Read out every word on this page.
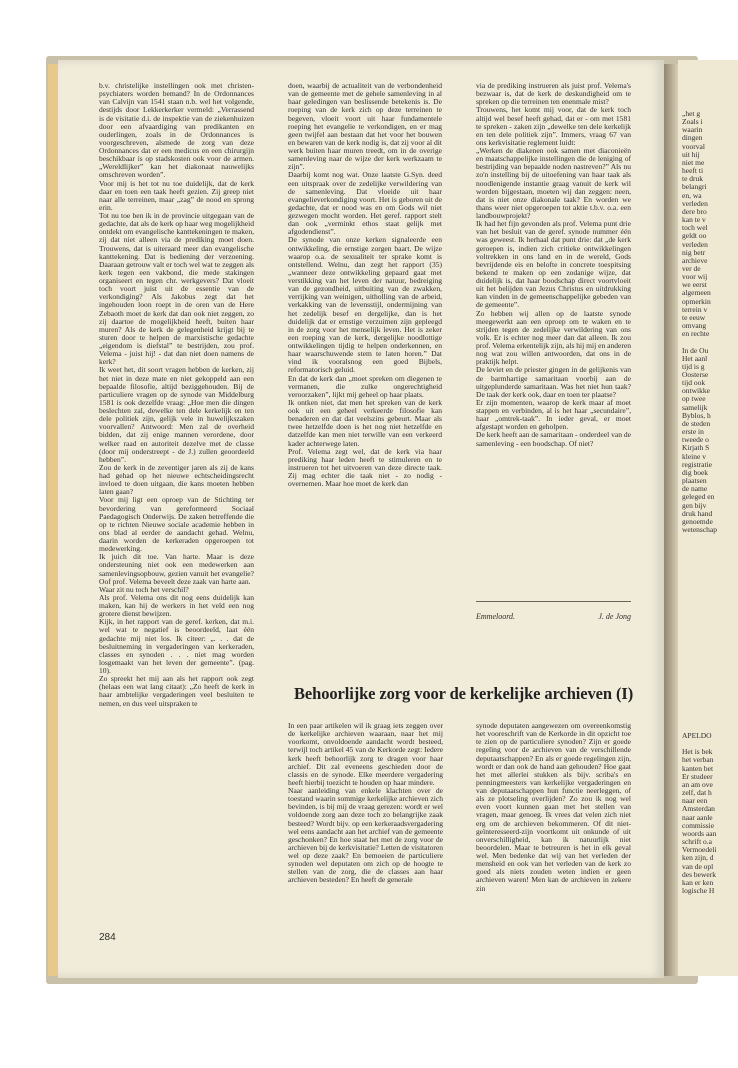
b.v. christelijke instellingen ook met christen-psychiaters worden bemand? In de Ordonnances van Calvijn van 1541 staan n.b. wel het volgende, destijds door Lekkerkerker vermeld: „Verrassend is de visitatie d.i. de inspektie van de ziekenhuizen door een afvaardiging van predikanten en ouderlingen, zoals in de Ordonnances is voorgeschreven, alsmede de zorg van deze Ordonnances dat er een medicus en een chirurgijn beschikbaar is op stadskosten ook voor de armen. „Wereldlijker” kan het diakonaat nauwelijks omschreven worden”.

Voor mij is het tot nu toe duidelijk, dat de kerk daar en toen een taak heeft gezien. Zij greep niet naar alle terreinen, maar „zag” de nood en sprong erin.

Tot nu toe ben ik in de provincie uitgegaan van de gedachte, dat als de kerk op haar weg mogelijkheid ontdekt om evangelische kanttekeningen te maken, zij dat niet alleen via de prediking moet doen. Trouwens, dat is uiteraard meer dan evangelische kanttekening. Dat is bediening der verzoening. Daaraan getrouw valt er toch wel wat te zeggen als kerk tegen een vakbond, die mede stakingen organiseert en tegen chr. werkgevers? Dat vloeit toch voort juist uit de essentie van de verkondiging? Als Jakobus zegt dat het ingehouden loon roept in de oren van de Here Zebaoth moet de kerk dat dan ook niet zeggen, zo zij daartoe de mogelijkheid heeft, buiten haar muren? Als de kerk de gelegenheid krijgt bij te sturen door te helpen de marxistische gedachte „eigendom is diefstal” te bestrijden, zou prof. Velema - juist hij! - dat dan niet doen namens de kerk?

Ik weet het, dit soort vragen hebben de kerken, zij het niet in deze mate en niet gekoppeld aan een bepaalde filosofie, altijd beziggehouden. Bij de particuliere vragen op de synode van Middelburg 1581 is ook dezelfde vraag: „Hoe men die dingen beslechten zal, dewelke ten dele kerkelijk en ten dele politiek zijn, gelijk vele in huwelijkszaken voorvallen? Antwoord: Men zal de overheid bidden, dat zij enige mannen verordene, door welker raad en autoriteit dezelve met de classe (door mij onderstreept - de J.) zullen geoordeeld hebben”.

Zou de kerk in de zeventiger jaren als zij de kans had gehad op het nieuwe echtscheidingsrecht invloed te doen uitgaan, die kans moeten hebben laten gaan?

Voor mij ligt een oproep van de Stichting ter bevordering van gereformeerd Sociaal Paedagogisch Onderwijs. De zaken betreffende die op te richten Nieuwe sociale academie hebben in ons blad al eerder de aandacht gehad. Welnu, daarin worden de kerkeraden opgeroepen tot medewerking.

Ik juich dit toe. Van harte. Maar is deze ondersteuning niet ook een medewerken aan samenlevingsopbouw, gezien vanuit het evangelie? Oof prof. Velema beveelt deze zaak van harte aan.

Waar zit nu toch het verschil?

Als prof. Velema ons dit nog eens duidelijk kan maken, kan hij de werkers in het veld een nog grotere dienst bewijzen.

Kijk, in het rapport van de geref. kerken, dat m.i. wel wat te negatief is beoordeeld, laat één gedachte mij niet los. Ik citeer: „. . . dat de besluitneming in vergaderingen van kerkeraden, classes en synoden . . . niet mag worden losgemaakt van het leven der gemeente”. (pag. 10).

Zo spreekt het mij aan als het rapport ook zegt (helaas een wat lang citaat): „Zo heeft de kerk in haar ambtelijke vergaderingen veel besluiten te nemen, en dus veel uitspraken te

doen, waarbij de actualiteit van de verbondenheid van de gemeente met de gehele samenleving in al haar geledingen van beslissende betekenis is. De roeping van de kerk zich op deze terreinen te begeven, vloeit voort uit haar fundamentele roeping het evangelie te verkondigen, en er mag geen twijfel aan bestaan dat het voor het bouwen en bewaren van de kerk nodig is, dat zij voor al dit werk buiten haar muren treedt, om in de overige samenleving naar de wijze der kerk werkzaam te zijn”.

Daarbij komt nog wat. Onze laatste G.Syn. deed een uitspraak over de zedelijke verwildering van de samenleving. Dat vloeide uit haar evangelieverkondiging voort. Het is geboren uit de gedachte, dat er nood was en om Gods wil niet gezwegen mocht worden. Het geref. rapport stelt dan ook „verminkt ethos staat gelijk met afgodendienst”.

De synode van onze kerken signaleerde een ontwikkeling, die ernstige zorgen baart. De wijze waarop o.a. de sexualiteit ter sprake komt is ontstellend. Welnu, dan zegt het rapport (35) „wanneer deze ontwikkeling gepaard gaat met verstikking van het leven der natuur, bedreiging van de gezondheid, uitbuiting van de zwakken, verrijking van weinigen, uitholling van de arbeid, verkakking van de levensstijl, ondermijning van het zedelijk besef en dergelijke, dan is het duidelijk dat er ernstige verzuimen zijn gepleegd in de zorg voor het menselijk leven. Het is zeker een roeping van de kerk, dergelijke noodlottige ontwikkelingen tijdig te helpen onderkennen, en haar waarschuwende stem te laten horen.” Dat vind ik vooralsnog een goed Bijbels, reformatorisch geluid.

En dat de kerk dan „moet spreken om diegenen te vermanen, die zulke ongerechtigheid veroorzaken”, lijkt mij geheel op haar plaats.

Ik ontken niet, dat men het spreken van de kerk ook uit een geheel verkeerde filosofie kan benaderen en dat dat veelszins gebeurt. Maar als twee hetzelfde doen is het nog niet hetzelfde en datzelfde kan men niet terwille van een verkeerd kader achterwege laten.

Prof. Velema zegt wel, dat de kerk via haar prediking haar leden heeft te stimuleren en te instrueren tot het uitvoeren van deze directe taak. Zij mag echter die taak niet - zo nodig - overnemen. Maar hoe moet de kerk dan

via de prediking instrueren als juist prof. Velema's bezwaar is, dat de kerk de deskundigheid om te spreken op die terreinen ten enenmale mist?

Trouwens, het komt mij voor, dat de kerk toch altijd wel besef heeft gehad, dat er - om met 1581 te spreken - zaken zijn „dewelke ten dele kerkelijk en ten dele politiek zijn”. Immers, vraag 67 van ons kerkvisitatie reglement luidt:

„Werken de diakenen ook samen met diaconieën en maatschappelijke instellingen die de leniging of bestrijding van bepaalde noden nastreven?” Als nu zo'n instelling bij de uitoefening van haar taak als noodlenigende instantie graag vanuit de kerk wil worden bijgestaan, moeten wij dan zeggen: neen, dat is niet onze diakonale taak? En worden we thans weer niet opgeroepen tot aktie t.b.v. o.a. een landbouwprojekt?

Ik had het fijn gevonden als prof. Velema punt drie van het besluit van de geref. synode nummer één was geweest. Ik herhaal dat punt drie: dat „de kerk geroepen is, indien zich critieke ontwikkelingen voltrekken in ons land en in de wereld, Gods bevrijdende eis en belofte in concrete toespitsing bekend te maken op een zodanige wijze, dat duidelijk is, dat haar boodschap direct voortvloeit uit het belijden van Jezus Christus en uitdrukking kan vinden in de gemeenschappelijke gebeden van de gemeente”.

Zo hebben wij allen op de laatste synode meegewerkt aan een oproep om te waken en te strijden tegen de zedelijke verwildering van ons volk. Er is echter nog meer dan dat alleen. Ik zou prof. Velema erkentelijk zijn, als hij mij en anderen nog wat zou willen antwoorden, dat ons in de praktijk helpt.

De leviet en de priester gingen in de gelijkenis van de barmhartige samaritaan voorbij aan de uitgeplunderde samaritaan. Was het niet hun taak? De taak der kerk ook, daar en toen ter plaatse?

Er zijn momenten, waarop de kerk maar af moet stappen en verbinden, al is het haar „secundaire”, haar „omtrek-taak”. In ieder geval, er moet afgestapt worden en geholpen.

De kerk heeft aan de samaritaan - onderdeel van de samenleving - een boodschap. Of niet?

Emmeloord.	J. de Jong
Behoorlijke zorg voor de kerkelijke archieven (I)

In een paar artikelen wil ik graag iets zeggen over de kerkelijke archieven waaraan, naar het mij voorkomt, onvoldoende aandacht wordt besteed, terwijl toch artikel 45 van de Kerkorde zegt: Iedere kerk heeft behoorlijk zorg te dragen voor haar archief. Dit zal eveneens geschieden door de classis en de synode. Elke meerdere vergadering heeft hierbij toezicht te houden op haar mindere.

Naar aanleiding van enkele klachten over de toestand waarin sommige kerkelijke archieven zich bevinden, is bij mij de vraag gerezen: wordt er wel voldoende zorg aan deze toch zo belangrijke zaak besteed? Wordt bijv. op een kerkeraadsvergadering wel eens aandacht aan het archief van de gemeente geschonken? En hoe staat het met de zorg voor de archieven bij de kerkvisitatie? Letten de visitatoren wel op deze zaak? En bemoeien de particuliere synoden wel deputaten om zich op de hoogte te stellen van de zorg, die de classes aan haar archieven besteden? En heeft de generale

synode deputaten aangewezen om overeenkomstig het vooreschrift van de Kerkorde in dit opzicht toe te zien op de particuliere synoden? Zijn er goede regeling voor de archieven van de verschillende deputaatschappen? En als er goede regelingen zijn, wordt er dan ook de hand aan gehouden? Hoe gaat het met allerlei stukken als bijv. scriba's en penningmeesters van kerkelijke vergaderingen en van deputaatschappen hun functie neerleggen, of als ze plotseling overlijden? Zo zou ik nog wel even voort kunnen gaan met het stellen van vragen, maar genoeg. Ik vrees dat velen zich niet erg om de archieven bekommeren. Of dit niet-geïnteresseerd-zijn voortkomt uit onkunde of uit onverschilligheid, kan ik natuurlijk niet beoordelen. Maar te betreuren is het in elk geval wel. Men bedenke dat wij van het verleden der mensheid en ook van het verleden van de kerk zo goed als niets zouden weten indien er geen archieven waren! Men kan de archieven in zekere zin

284
„het g
Zoals i
waarin
dingen
voorval
uit hij
niet me
heeft ti
te druk
belangri
en, wa
verleden
dere bro
kan te v
toch wel
geldt oo
verleden
nig betr
archieve
ver de
voor wij
we eerst
algemeen
opmerkin
terrein v
te eeuw
omvang
en rechte

In de Ou
Het aanl
tijd is g
Oosterse
tijd ook
ontwikke
op twee
samelijk
Byblos, h
de steden
erste in
tweede o
Kirjath S
kleine v
registratie
dig boek
plaatsen
de name
geleged en
gen bijv
druk hand
genoemde
wetenschap
APELDO

Het is bek
het verban
kanten bet
Er studeer
an am ove
zelf, dat h
naar een
Amsterdan
naar aanle
commissie
woords aan
schrift o.a
Vermoedeli
ken zijn, d
van de opl
des bewerk
kan er ken
logische H
